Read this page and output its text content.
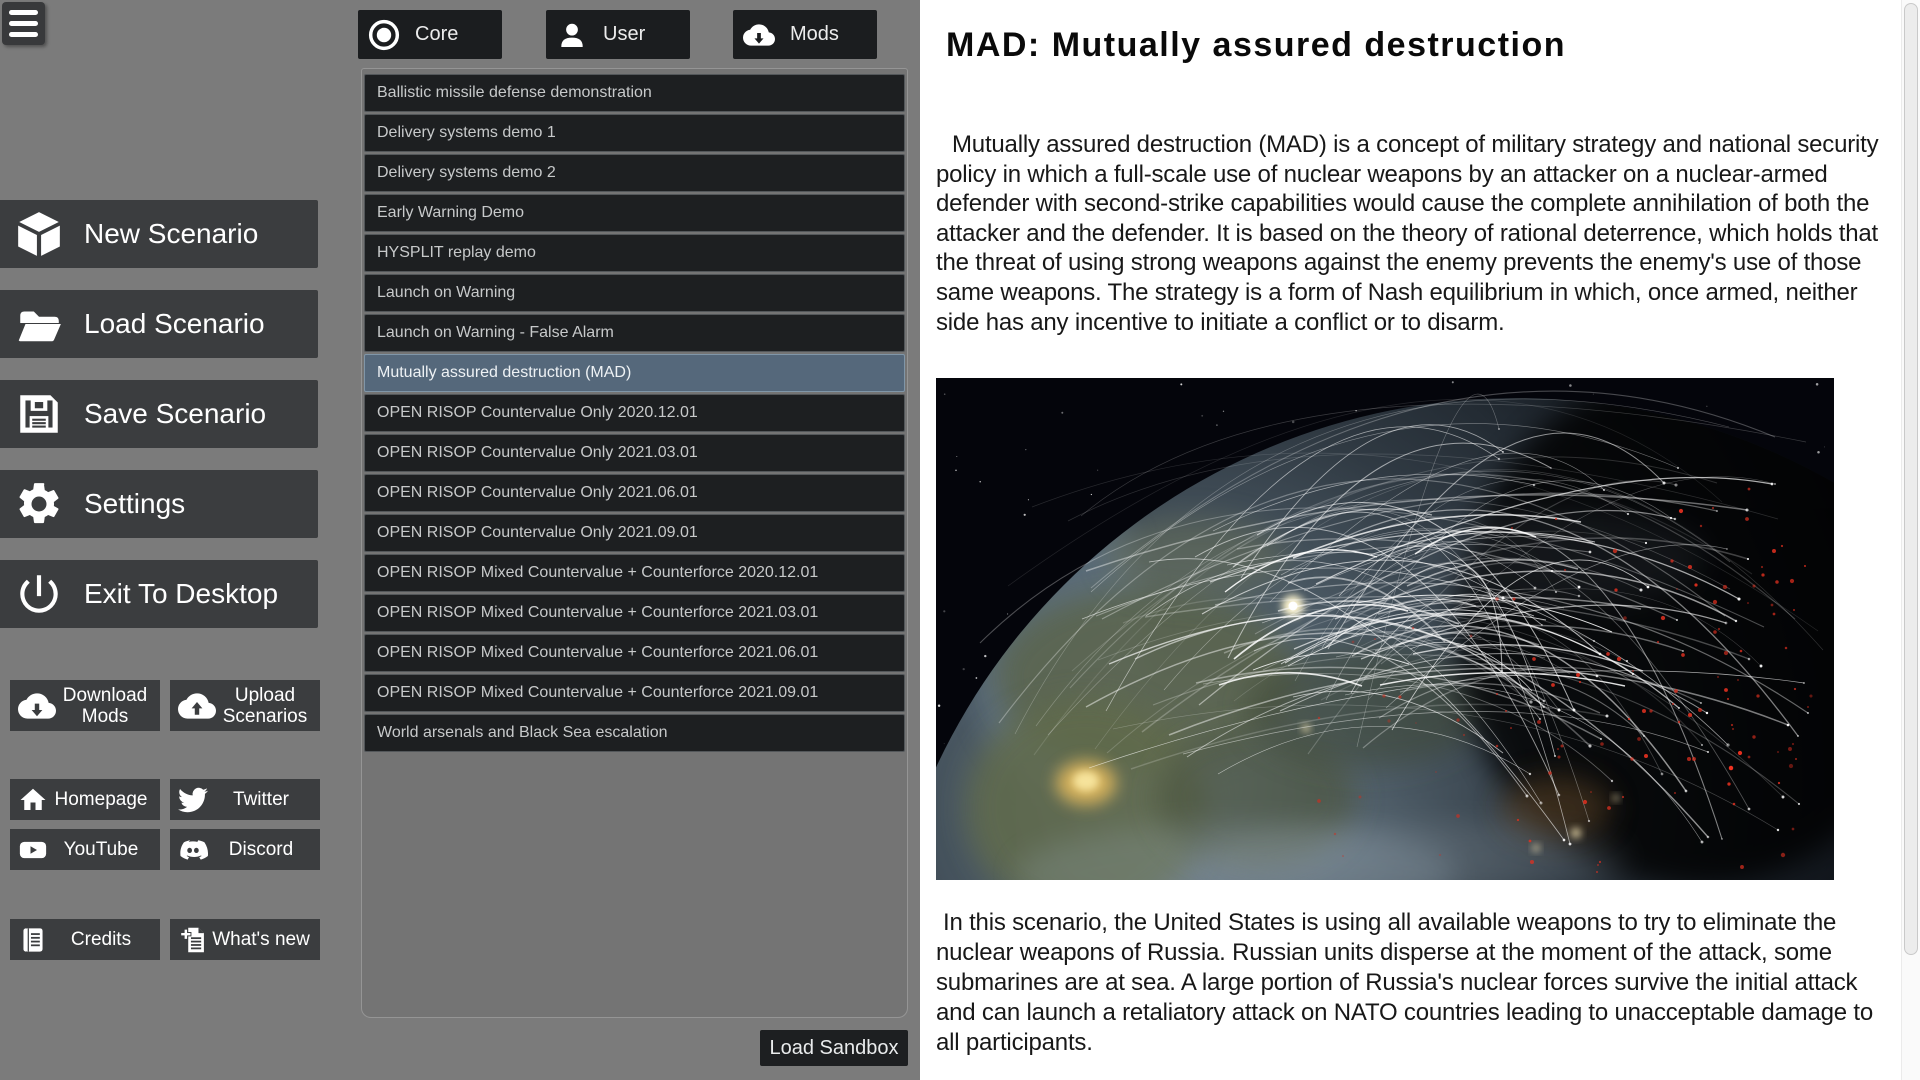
New Scenario
Load Scenario
Save Scenario
Settings
Exit To Desktop
Download Mods
Upload Scenarios
Homepage	Twitter
YouTube	Discord
Credits	What's new
Core	User	Mods
Ballistic missile defense demonstration
Delivery systems demo 1
Delivery systems demo 2
Early Warning Demo
HYSPLIT replay demo
Launch on Warning
Launch on Warning - False Alarm
Mutually assured destruction (MAD)
OPEN RISOP Countervalue Only 2020.12.01
OPEN RISOP Countervalue Only 2021.03.01
OPEN RISOP Countervalue Only 2021.06.01
OPEN RISOP Countervalue Only 2021.09.01
OPEN RISOP Mixed Countervalue + Counterforce 2020.12.01
OPEN RISOP Mixed Countervalue + Counterforce 2021.03.01
OPEN RISOP Mixed Countervalue + Counterforce 2021.06.01
OPEN RISOP Mixed Countervalue + Counterforce 2021.09.01
World arsenals and Black Sea escalation
Load Sandbox
MAD: Mutually assured destruction

Mutually assured destruction (MAD) is a concept of military strategy and national security policy in which a full-scale use of nuclear weapons by an attacker on a nuclear-armed defender with second-strike capabilities would cause the complete annihilation of both the attacker and the defender. It is based on the theory of rational deterrence, which holds that the threat of using strong weapons against the enemy prevents the enemy's use of those same weapons. The strategy is a form of Nash equilibrium in which, once armed, neither side has any incentive to initiate a conflict or to disarm.

In this scenario, the United States is using all available weapons to try to eliminate the nuclear weapons of Russia. Russian units disperse at the moment of the attack, some submarines are at sea. A large portion of Russia's nuclear forces survive the initial attack and can launch a retaliatory attack on NATO countries leading to unacceptable damage to all participants.
